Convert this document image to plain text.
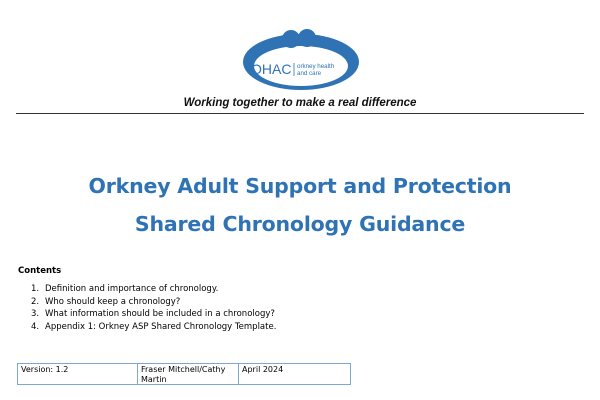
OHAC orkney health
and care
Working together to make a real difference
Orkney Adult Support and Protection
Shared Chronology Guidance
Contents
1. Definition and importance of chronology.
2. Who should keep a chronology?
3. What information should be included in a chronology?
4. Appendix 1: Orkney ASP Shared Chronology Template.
Version: 1.2	Fraser Mitchell/Cathy Martin
April 2024
